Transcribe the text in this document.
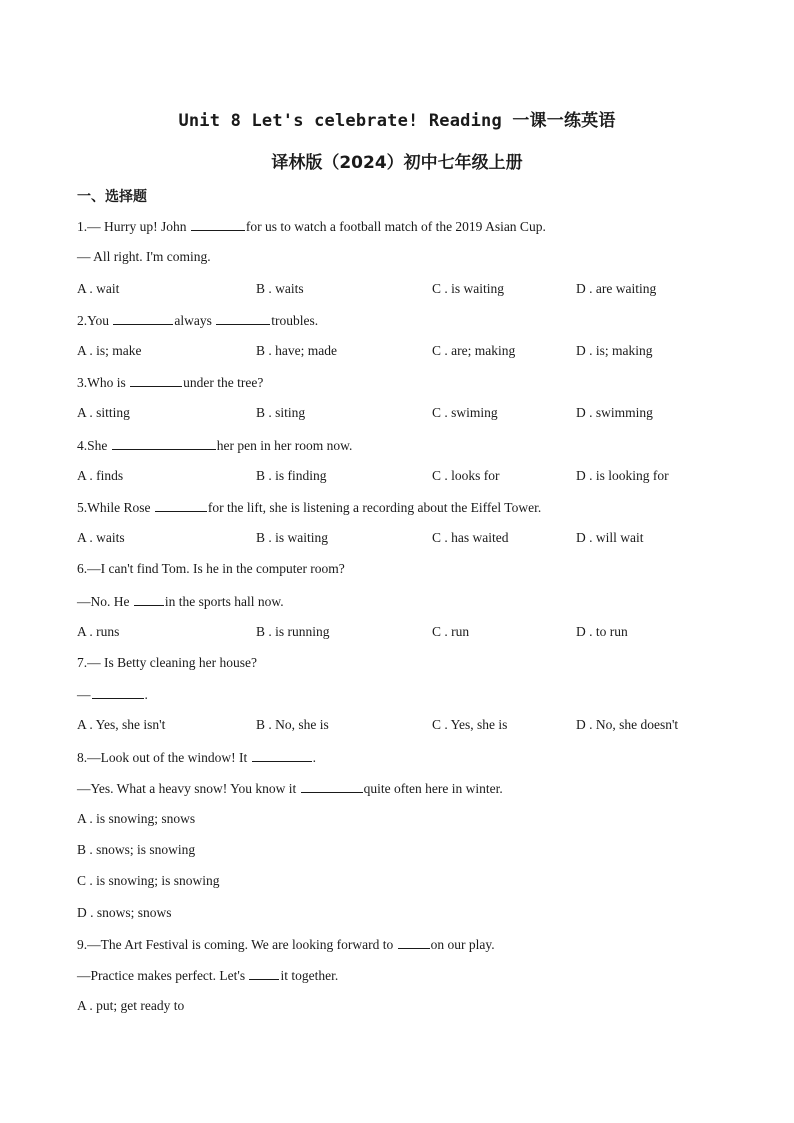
Unit 8 Let's celebrate! Reading 一课一练英语
译林版（2024）初中七年级上册
一、选择题
1.— Hurry up! John	for us to watch a football match of the 2019 Asian Cup.
— All right. I'm coming.
A . wait	B . waits	C . is waiting	D . are waiting
2.You	always	troubles.
A . is; make	B . have; made	C . are; making	D . is; making
3.Who is	under the tree?
A . sitting	B . siting	C . swiming	D . swimming
4.She	her pen in her room now.
A . finds	B . is finding	C . looks for	D . is looking for
5.While Rose	for the lift, she is listening a recording about the Eiffel Tower.
A . waits	B . is waiting	C . has waited	D . will wait
6.—I can't find Tom. Is he in the computer room?
—No. He in the sports hall now.
A . runs	B . is running	C . run	D . to run
7.— Is Betty cleaning her house?
—	.
A . Yes, she isn't	B . No, she is	C . Yes, she is	D . No, she doesn't
8.—Look out of the window! It	.
—Yes. What a heavy snow! You know it	quite often here in winter.
A . is snowing; snows
B . snows; is snowing
C . is snowing; is snowing
D . snows; snows
9.—The Art Festival is coming. We are looking forward to	on our play.
—Practice makes perfect. Let's it together.
A . put; get ready to
